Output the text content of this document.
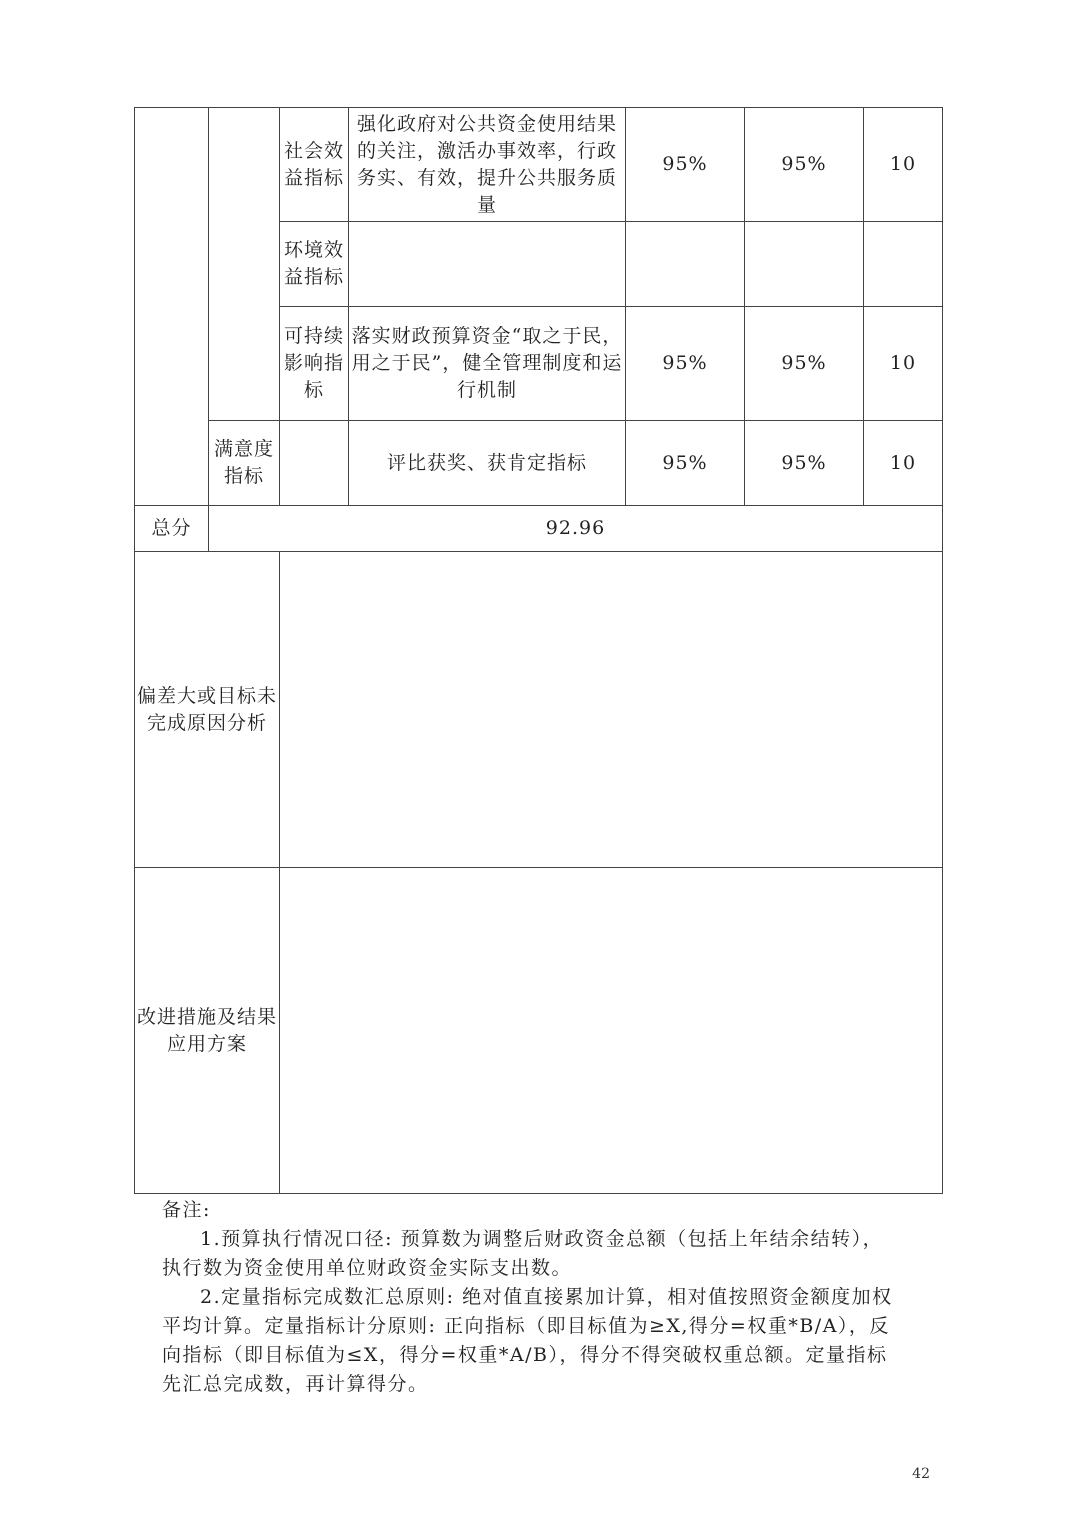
		社会效益指标	强化政府对公共资金使用结果的关注，激活办事效率，行政务实、有效，提升公共服务质量	95%	95%	10
		环境效益指标				
		可持续影响指标	落实财政预算资金“取之于民，用之于民”，健全管理制度和运行机制	95%	95%	10
	满意度指标		评比获奖、获肯定指标	95%	95%	10
总分	92.96					
偏差大或目标未完成原因分析						
改进措施及结果应用方案						

备注:

1.预算执行情况口径: 预算数为调整后财政资金总额（包括上年结余结转），执行数为资金使用单位财政资金实际支出数。

2.定量指标完成数汇总原则: 绝对值直接累加计算，相对值按照资金额度加权平均计算。定量指标计分原则: 正向指标（即目标值为≥X,得分=权重*B/A），反向指标（即目标值为≤X，得分=权重*A/B），得分不得突破权重总额。定量指标先汇总完成数，再计算得分。

42
